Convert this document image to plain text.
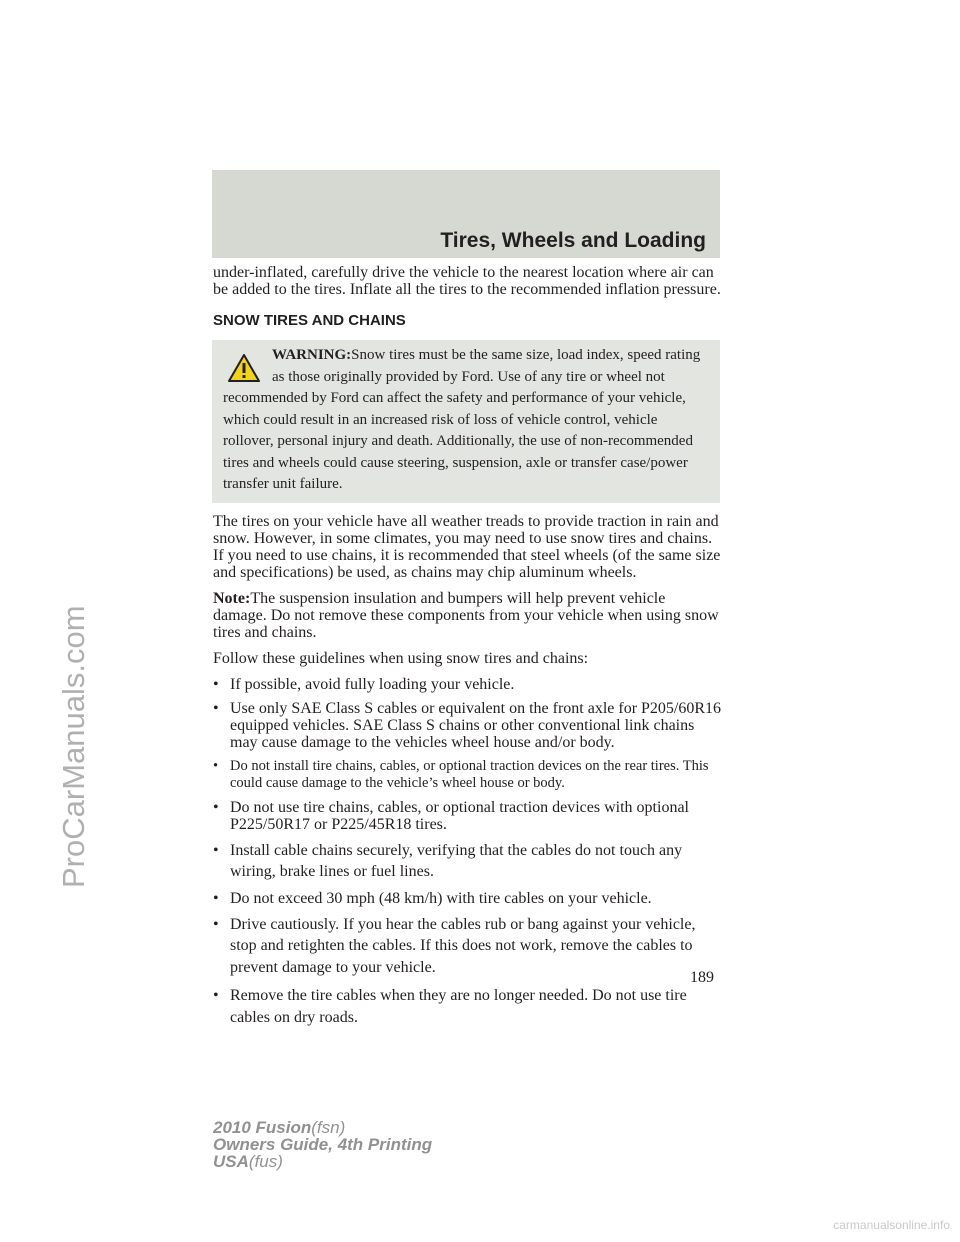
Tires, Wheels and Loading

under-inflated, carefully drive the vehicle to the nearest location where air can be added to the tires. Inflate all the tires to the recommended inflation pressure.

SNOW TIRES AND CHAINS
WARNING:Snow tires must be the same size, load index, speed rating as those originally provided by Ford. Use of any tire or wheel not recommended by Ford can affect the safety and performance of your vehicle, which could result in an increased risk of loss of vehicle control, vehicle rollover, personal injury and death. Additionally, the use of non-recommended tires and wheels could cause steering, suspension, axle or transfer case/power transfer unit failure.

The tires on your vehicle have all weather treads to provide traction in rain and snow. However, in some climates, you may need to use snow tires and chains. If you need to use chains, it is recommended that steel wheels (of the same size and specifications) be used, as chains may chip aluminum wheels.

Note:The suspension insulation and bumpers will help prevent vehicle damage. Do not remove these components from your vehicle when using snow tires and chains.

Follow these guidelines when using snow tires and chains:

• If possible, avoid fully loading your vehicle.
• Use only SAE Class S cables or equivalent on the front axle for P205/60R16 equipped vehicles. SAE Class S chains or other conventional link chains may cause damage to the vehicles wheel house and/or body.
• Do not install tire chains, cables, or optional traction devices on the rear tires. This could cause damage to the vehicle’s wheel house or body.
• Do not use tire chains, cables, or optional traction devices with optional P225/50R17 or P225/45R18 tires.
• Install cable chains securely, verifying that the cables do not touch any wiring, brake lines or fuel lines.
• Do not exceed 30 mph (48 km/h) with tire cables on your vehicle.
• Drive cautiously. If you hear the cables rub or bang against your vehicle, stop and retighten the cables. If this does not work, remove the cables to prevent damage to your vehicle.
• Remove the tire cables when they are no longer needed. Do not use tire cables on dry roads.
189
2010 Fusion(fsn)
Owners Guide, 4th Printing
USA(fus)
ProCarManuals.com
carmanualsonline.info
